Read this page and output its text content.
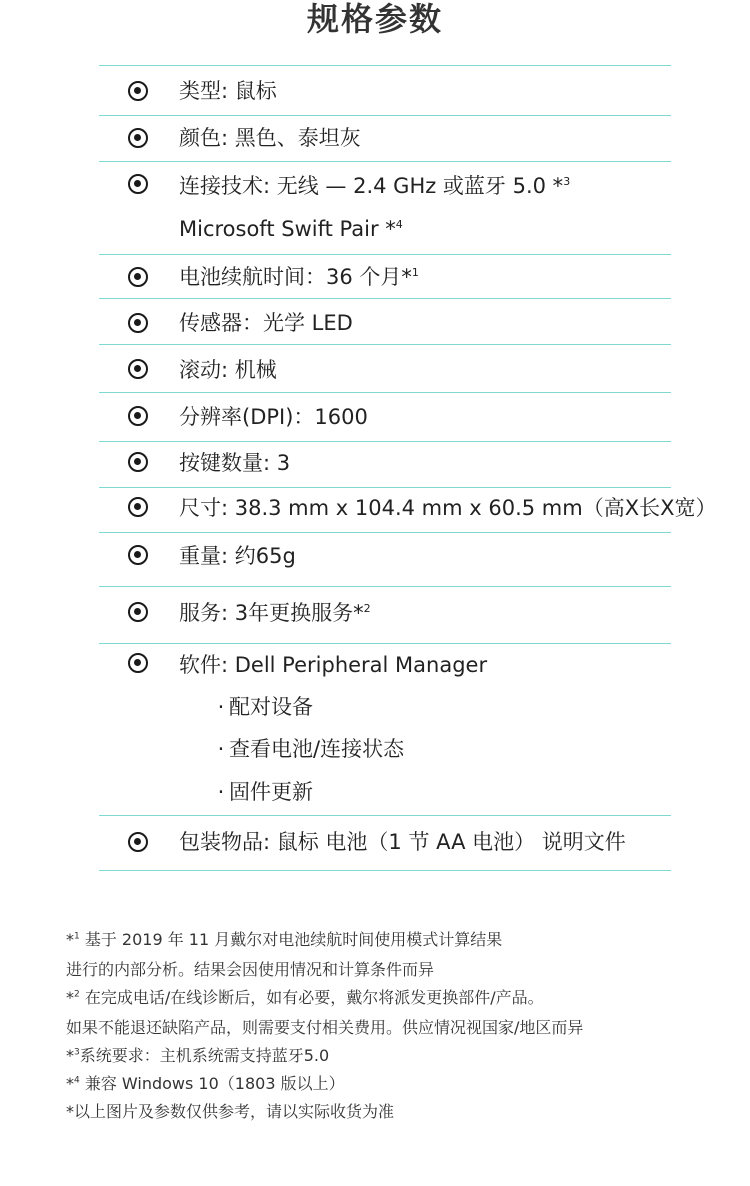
规格参数
类型: 鼠标
颜色: 黑色、泰坦灰
连接技术: 无线 — 2.4 GHz 或蓝牙 5.0 *$^3$
Microsoft Swift Pair *$^4$
电池续航时间：36 个月*$^1$
传感器：光学 LED
滚动: 机械
分辨率(DPI)：1600
按键数量: 3
尺寸: 38.3 mm x 104.4 mm x 60.5 mm（高X长X宽）
重量: 约65g
服务: 3年更换服务*$^2$
软件: Dell Peripheral Manager
· 配对设备
· 查看电池/连接状态
· 固件更新
包装物品: 鼠标 电池（1 节 AA 电池） 说明文件
*$^1$ 基于 2019 年 11 月戴尔对电池续航时间使用模式计算结果
进行的内部分析。结果会因使用情况和计算条件而异
*$^2$ 在完成电话/在线诊断后，如有必要，戴尔将派发更换部件/产品。
如果不能退还缺陷产品，则需要支付相关费用。供应情况视国家/地区而异
*$^3$系统要求：主机系统需支持蓝牙5.0
*$^4$ 兼容 Windows 10（1803 版以上）
*以上图片及参数仅供参考，请以实际收货为准
